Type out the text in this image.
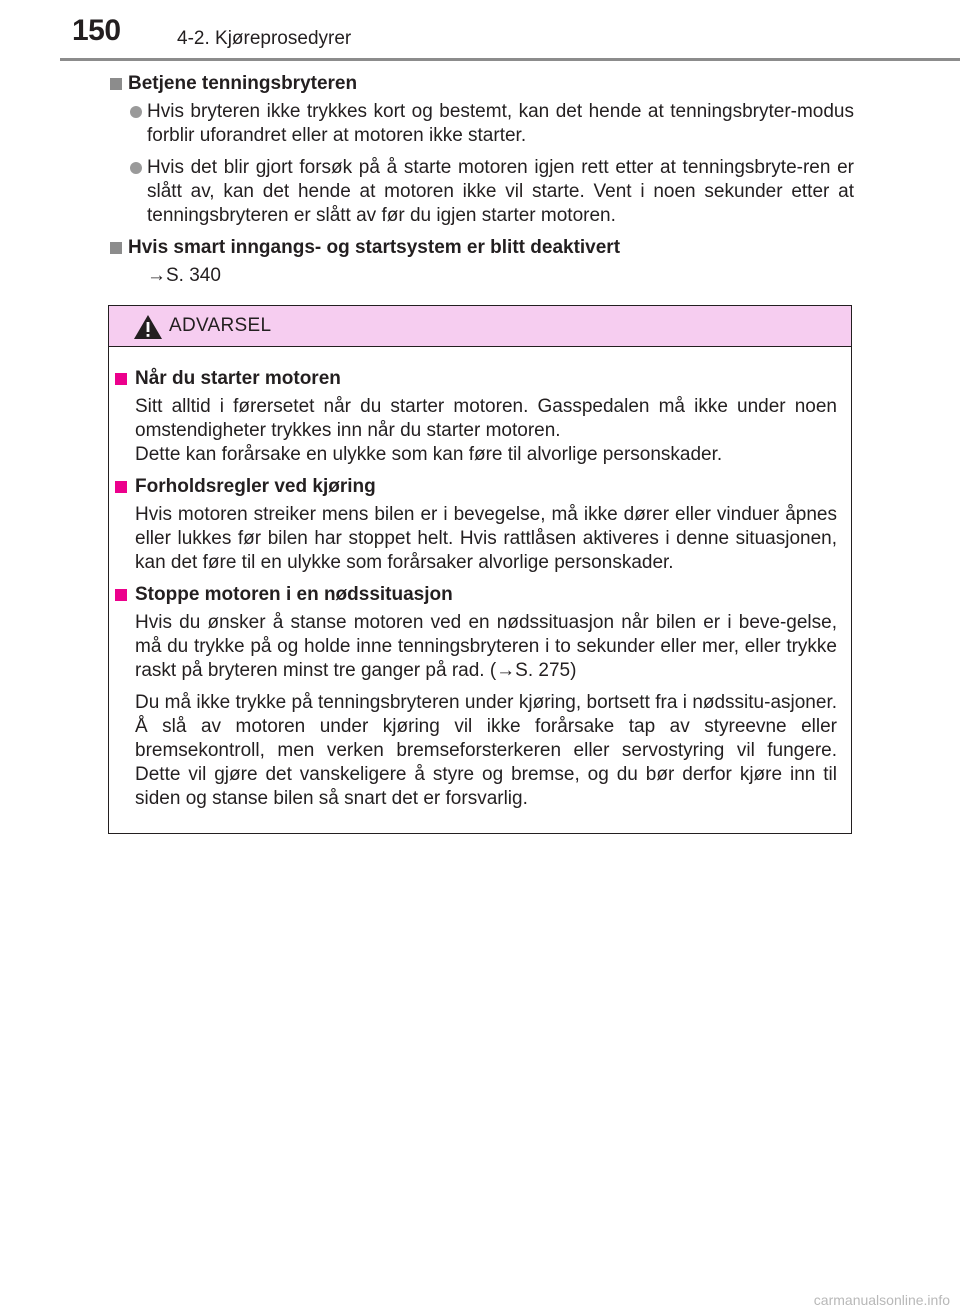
150	4-2. Kjøreprosedyrer
Betjene tenningsbryteren
Hvis bryteren ikke trykkes kort og bestemt, kan det hende at tenningsbryter-modus forblir uforandret eller at motoren ikke starter.
Hvis det blir gjort forsøk på å starte motoren igjen rett etter at tenningsbryte-ren er slått av, kan det hende at motoren ikke vil starte. Vent i noen sekunder etter at tenningsbryteren er slått av før du igjen starter motoren.
Hvis smart inngangs- og startsystem er blitt deaktivert
→S. 340
ADVARSEL
Når du starter motoren
Sitt alltid i førersetet når du starter motoren. Gasspedalen må ikke under noen omstendigheter trykkes inn når du starter motoren.
Dette kan forårsake en ulykke som kan føre til alvorlige personskader.
Forholdsregler ved kjøring
Hvis motoren streiker mens bilen er i bevegelse, må ikke dører eller vinduer åpnes eller lukkes før bilen har stoppet helt. Hvis rattlåsen aktiveres i denne situasjonen, kan det føre til en ulykke som forårsaker alvorlige personskader.
Stoppe motoren i en nødssituasjon
Hvis du ønsker å stanse motoren ved en nødssituasjon når bilen er i beve-gelse, må du trykke på og holde inne tenningsbryteren i to sekunder eller mer, eller trykke raskt på bryteren minst tre ganger på rad. (→S. 275)
Du må ikke trykke på tenningsbryteren under kjøring, bortsett fra i nødssitu-asjoner. Å slå av motoren under kjøring vil ikke forårsake tap av styreevne eller bremsekontroll, men verken bremseforsterkeren eller servostyring vil fungere. Dette vil gjøre det vanskeligere å styre og bremse, og du bør derfor kjøre inn til siden og stanse bilen så snart det er forsvarlig.
carmanualsonline.info
